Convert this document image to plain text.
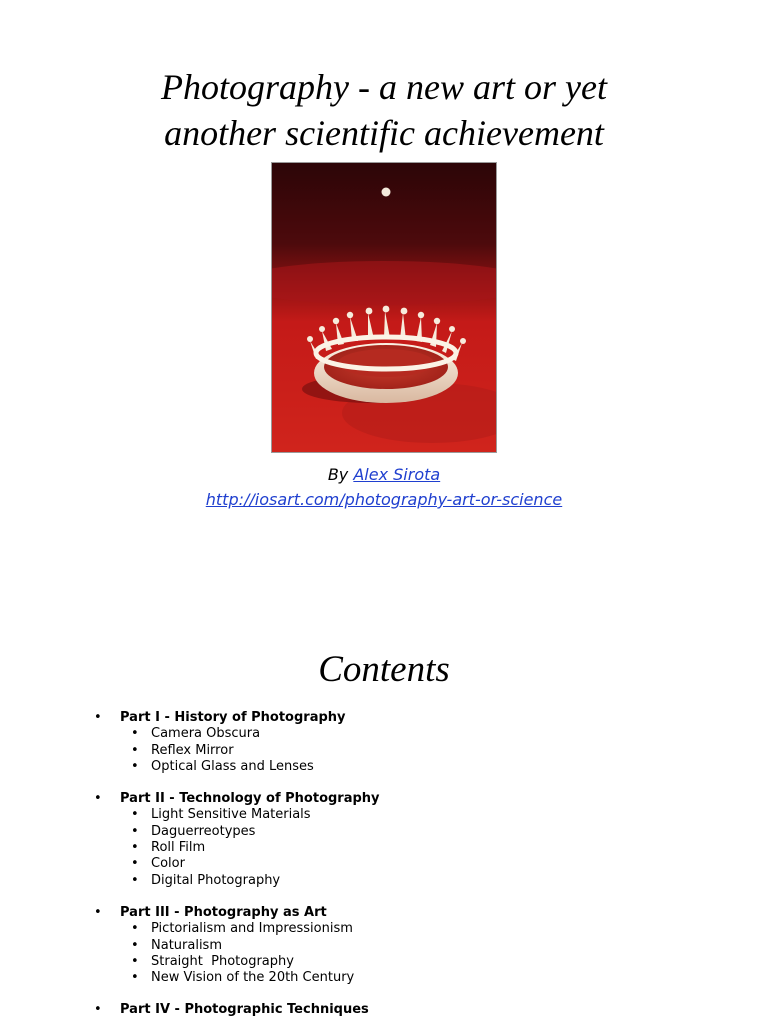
Photography - a new art or yet
another scientific achievement
By Alex Sirota
http://iosart.com/photography-art-or-science
Contents
• Part I - History of Photography
• Camera Obscura
• Reflex Mirror
• Optical Glass and Lenses
• Part II - Technology of Photography
• Light Sensitive Materials
• Daguerreotypes
• Roll Film
• Color
• Digital Photography
• Part III - Photography as Art
• Pictorialism and Impressionism
• Naturalism
• Straight  Photography
• New Vision of the 20th Century
• Part IV - Photographic Techniques
